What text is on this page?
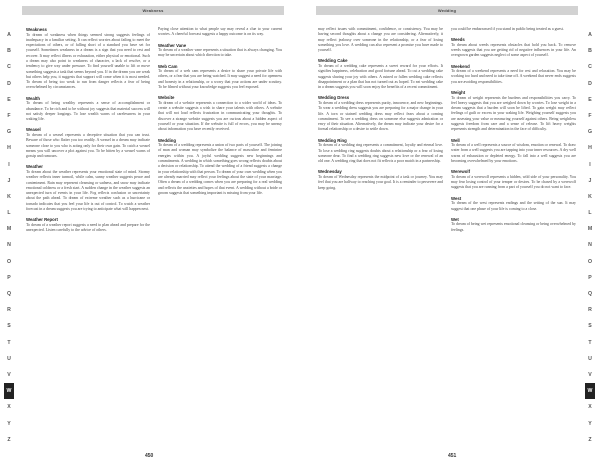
Weakness
A
B
C
D
E
F
G
H
I
J
K
L
M
N
O
P
Q
R
S
T
U
V
W
X
Y
Z
Weakness

To dream of weakness when things seemed strong suggests feelings of inadequacy in a familiar setting. It can reflect worries about failing to meet the expectations of others, or of falling short of a standard you have set for yourself. Sometimes weakness in a dream is a sign that you need to rest and recover. It may reflect illness or exhaustion, either physical or emotional. Such a dream may also point to weakness of character, a lack of resolve, or a tendency to give way under pressure. To find yourself unable to lift or move something suggests a task that seems beyond you. If in the dream you are weak but others help you, it suggests that support will come when it is most needed. To dream of being too weak to run from danger reflects a fear of being overwhelmed by circumstances.

Wealth

To dream of being wealthy represents a sense of accomplishment or abundance. To be rich and to be without joy suggests that material success will not satisfy deeper longings. To lose wealth warns of carelessness in your waking life.

Weasel

To dream of a weasel represents a deceptive situation that you can trust. Beware of those who flatter you too readily. A weasel in a dream may indicate someone close to you who is acting only for their own gain. To catch a weasel means you will uncover a plot against you. To be bitten by a weasel warns of gossip and rumours.

Weather

To dream about the weather represents your emotional state of mind. Stormy weather reflects inner turmoil, while calm, sunny weather suggests peace and contentment. Rain may represent cleansing or sadness, and snow may indicate emotional coldness or a fresh start. A sudden change in the weather suggests an unexpected turn of events in your life. Fog reflects confusion or uncertainty about the path ahead. To dream of extreme weather such as a hurricane or tornado indicates that you feel your life is out of control. To watch a weather forecast in a dream suggests you are trying to anticipate what will happen next.

Weather Report

To dream of a weather report suggests a need to plan ahead and prepare for the unexpected. Listen carefully to the advice of others.

Paying close attention to what people say may reveal a clue to your current worries. A cheerful forecast suggests a happy outcome is on its way.

Weather Vane

To dream of a weather vane represents a situation that is always changing. You may be uncertain about which direction to take.

Web Cam

To dream of a web cam represents a desire to share your private life with others, or a fear that you are being watched. It may suggest a need for openness and honesty in a relationship, or a worry that your actions are under scrutiny. To be filmed without your knowledge suggests you feel exposed.

Website

To dream of a website represents a connection to a wider world of ideas. To create a website suggests a wish to share your talents with others. A website that will not load reflects frustration in communicating your thoughts. To discover a strange website suggests you are curious about a hidden aspect of yourself or your situation. If the website is full of errors, you may be uneasy about information you have recently received.

Wedding

To dream of a wedding represents a union of two parts of yourself. The joining of man and woman may symbolize the balance of masculine and feminine energies within you. A joyful wedding suggests new beginnings and commitments. A wedding in which something goes wrong reflects doubts about a decision or relationship. To attend the wedding of a friend suggests a change in your relationship with that person. To dream of your own wedding when you are already married may reflect your feelings about the state of your marriage. Often a dream of a wedding comes when you are preparing for a real wedding and reflects the anxieties and hopes of that event. A wedding without a bride or groom suggests that something important is missing from your life.

450
Wedding
A
B
C
D
E
F
G
H
I
J
K
L
M
N
O
P
Q
R
S
T
U
V
W
X
Y
Z

may reflect issues with commitment, confidence, or consistency. You may be having second thoughts about a change you are considering. Alternatively, it may reflect jealousy over someone in the relationship, or a fear of losing something you love. A wedding can also represent a promise you have made to yourself.

Wedding Cake

To dream of a wedding cake represents a sweet reward for your efforts. It signifies happiness, celebration and good fortune ahead. To cut a wedding cake suggests sharing your joy with others. A ruined or fallen wedding cake reflects disappointment or a plan that has not turned out as hoped. To eat wedding cake in a dream suggests you will soon enjoy the benefits of a recent commitment.

Wedding Dress

To dream of a wedding dress represents purity, innocence, and new beginnings. To wear a wedding dress suggests you are preparing for a major change in your life. A torn or stained wedding dress may reflect fears about a coming commitment. To see a wedding dress on someone else suggests admiration or envy of their situation. Alternatively, the dream may indicate your desire for a formal relationship or a desire to settle down.

Wedding Ring

To dream of a wedding ring represents a commitment, loyalty and eternal love. To lose a wedding ring suggests doubts about a relationship or a fear of losing someone dear. To find a wedding ring suggests new love or the renewal of an old one. A wedding ring that does not fit reflects a poor match in a partnership.

Wednesday

To dream of Wednesday represents the midpoint of a task or journey. You may feel that you are halfway to reaching your goal. It is a reminder to persevere and keep going.

you could be embarrassed if you stand in public being treated as a guest.

Weeds

To dream about weeds represents obstacles that hold you back. To remove weeds suggests that you are getting rid of negative influences in your life. An overgrown garden suggests neglect of some aspect of yourself.

Weekend

To dream of a weekend represents a need for rest and relaxation. You may be working too hard and need to take time off. A weekend that never ends suggests you are avoiding responsibilities.

Weight

To dream of weight represents the burdens and responsibilities you carry. To feel heavy suggests that you are weighed down by worries. To lose weight in a dream suggests that a burden will soon be lifted. To gain weight may reflect feelings of guilt or excess in your waking life. Weighing yourself suggests you are assessing your value or measuring yourself against others. Being weightless suggests freedom from care and a sense of release. To lift heavy weights represents strength and determination in the face of difficulty.

Well

To dream of a well represents a source of wisdom, emotion or renewal. To draw water from a well suggests you are tapping into your inner resources. A dry well warns of exhaustion or depleted energy. To fall into a well suggests you are becoming overwhelmed by your emotions.

Werewolf

To dream of a werewolf represents a hidden, wild side of your personality. You may fear losing control of your temper or desires. To be chased by a werewolf suggests that you are running from a part of yourself you do not want to face.

West

To dream of the west represents endings and the setting of the sun. It may suggest that one phase of your life is coming to a close.

Wet

To dream of being wet represents emotional cleansing or being overwhelmed by feelings.

451
